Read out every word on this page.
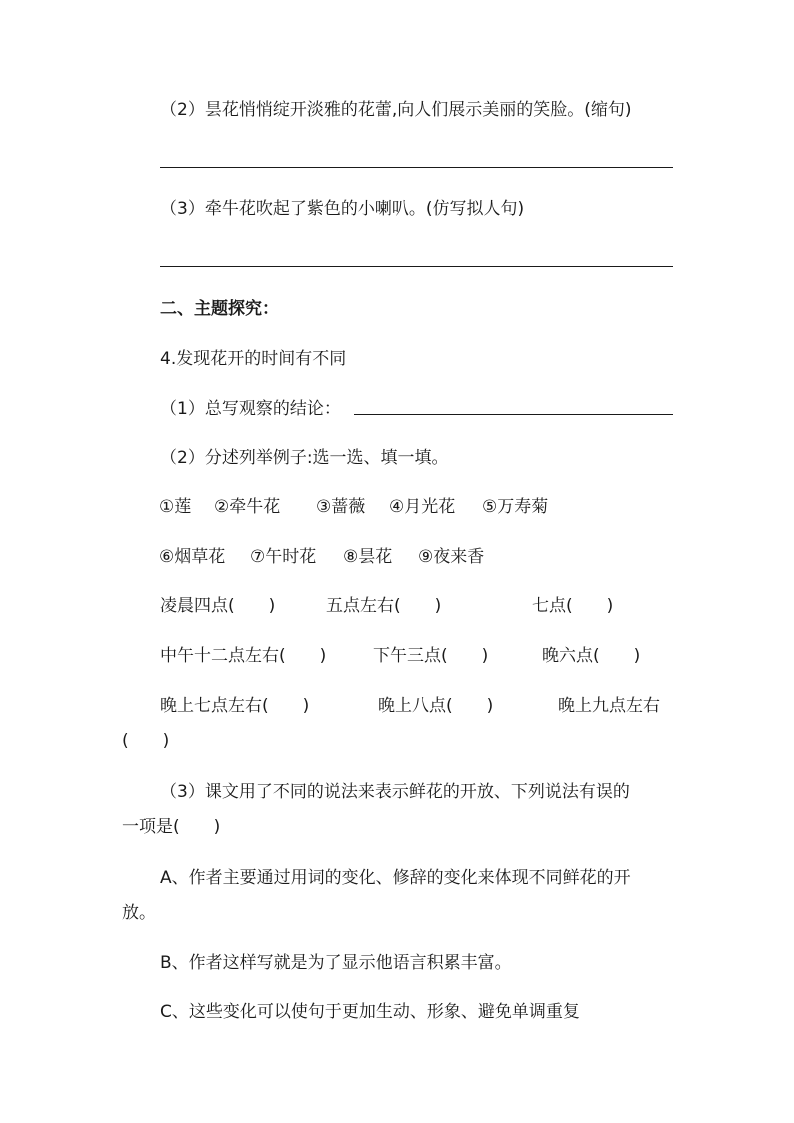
（2）昙花悄悄绽开淡雅的花蕾,向人们展示美丽的笑脸。(缩句)
（3）牵牛花吹起了紫色的小喇叭。(仿写拟人句)
二、主题探究：
4.发现花开的时间有不同
（1）总写观察的结论：
（2）分述列举例子:选一选、填一填。
①莲 ②牵牛花 ③蔷薇 ④月光花 ⑤万寿菊
⑥烟草花 ⑦午时花 ⑧昙花 ⑨夜来香
凌晨四点(　　)	五点左右(　　)	七点(　　)
中午十二点左右(　　)	下午三点(　　)	晚六点(　　)
晚上七点左右(　　)	晚上八点(　　)	晚上九点左右
(　　)
（3）课文用了不同的说法来表示鲜花的开放、下列说法有误的
一项是(　　)
A、作者主要通过用词的变化、修辞的变化来体现不同鲜花的开
放。
B、作者这样写就是为了显示他语言积累丰富。
C、这些变化可以使句于更加生动、形象、避免单调重复
